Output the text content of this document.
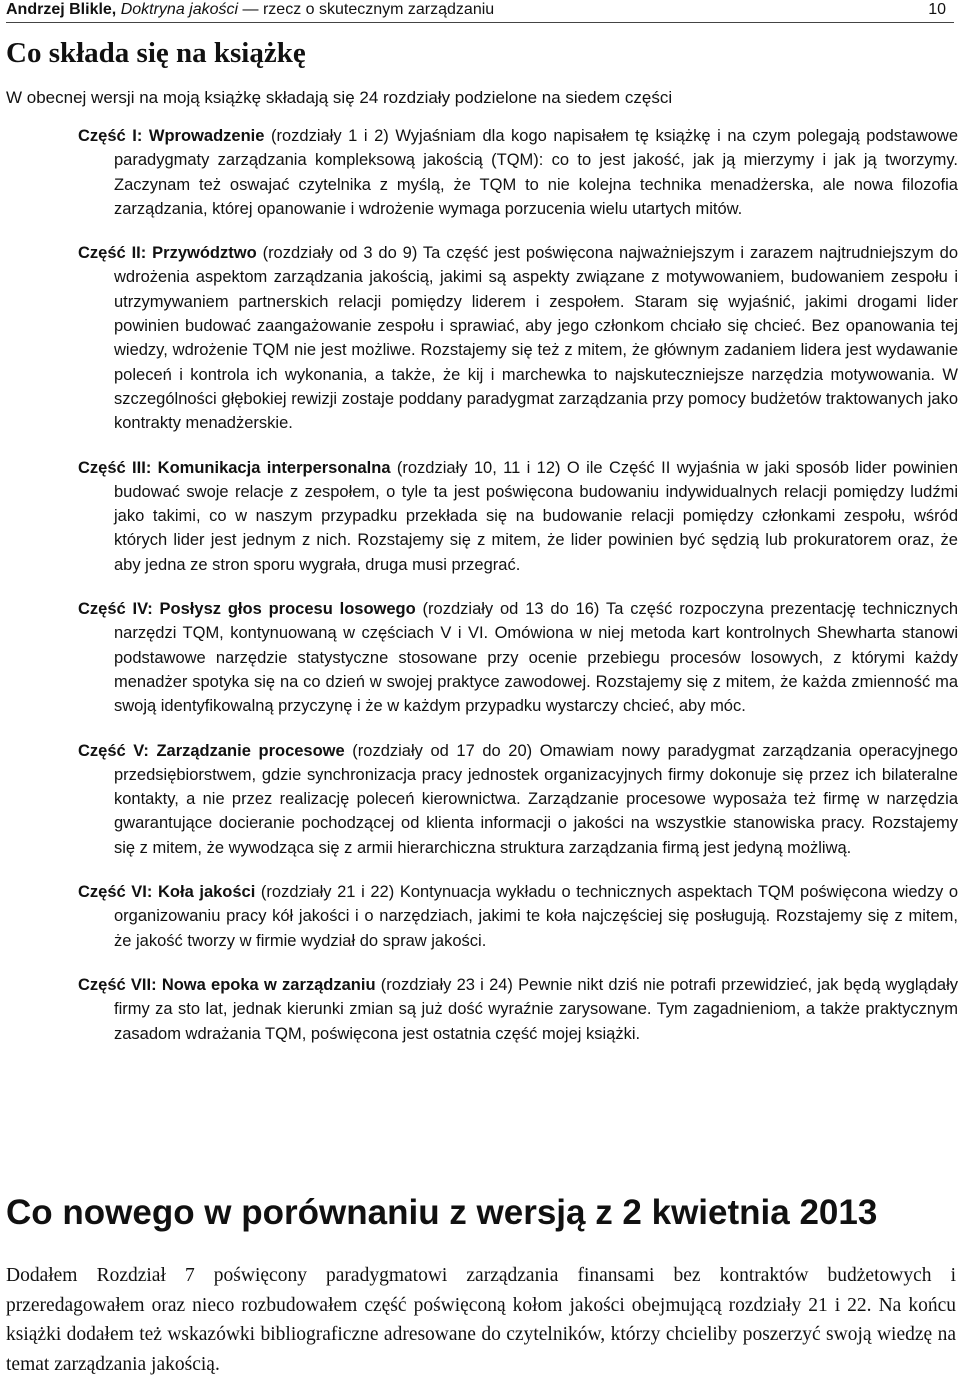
Andrzej Blikle, Doktryna jakości — rzecz o skutecznym zarządzaniu	10
Co składa się na książkę

W obecnej wersji na moją książkę składają się 24 rozdziały podzielone na siedem części

Część I: Wprowadzenie (rozdziały 1 i 2) Wyjaśniam dla kogo napisałem tę książkę i na czym polegają podstawowe paradygmaty zarządzania kompleksową jakością (TQM): co to jest jakość, jak ją mierzymy i jak ją tworzymy. Zaczynam też oswajać czytelnika z myślą, że TQM to nie kolejna technika menadżerska, ale nowa filozofia zarządzania, której opanowanie i wdrożenie wymaga porzucenia wielu utartych mitów.

Część II: Przywództwo (rozdziały od 3 do 9) Ta część jest poświęcona najważniejszym i zarazem najtrudniejszym do wdrożenia aspektom zarządzania jakością, jakimi są aspekty związane z motywowaniem, budowaniem zespołu i utrzymywaniem partnerskich relacji pomiędzy liderem i zespołem. Staram się wyjaśnić, jakimi drogami lider powinien budować zaangażowanie zespołu i sprawiać, aby jego członkom chciało się chcieć. Bez opanowania tej wiedzy, wdrożenie TQM nie jest możliwe. Rozstajemy się też z mitem, że głównym zadaniem lidera jest wydawanie poleceń i kontrola ich wykonania, a także, że kij i marchewka to najskuteczniejsze narzędzia motywowania. W szczególności głębokiej rewizji zostaje poddany paradygmat zarządzania przy pomocy budżetów traktowanych jako kontrakty menadżerskie.

Część III: Komunikacja interpersonalna (rozdziały 10, 11 i 12) O ile Część II wyjaśnia w jaki sposób lider powinien budować swoje relacje z zespołem, o tyle ta jest poświęcona budowaniu indywidualnych relacji pomiędzy ludźmi jako takimi, co w naszym przypadku przekłada się na budowanie relacji pomiędzy członkami zespołu, wśród których lider jest jednym z nich. Rozstajemy się z mitem, że lider powinien być sędzią lub prokuratorem oraz, że aby jedna ze stron sporu wygrała, druga musi przegrać.

Część IV: Posłysz głos procesu losowego (rozdziały od 13 do 16) Ta część rozpoczyna prezentację technicznych narzędzi TQM, kontynuowaną w częściach V i VI. Omówiona w niej metoda kart kontrolnych Shewharta stanowi podstawowe narzędzie statystyczne stosowane przy ocenie przebiegu procesów losowych, z którymi każdy menadżer spotyka się na co dzień w swojej praktyce zawodowej. Rozstajemy się z mitem, że każda zmienność ma swoją identyfikowalną przyczynę i że w każdym przypadku wystarczy chcieć, aby móc.

Część V: Zarządzanie procesowe (rozdziały od 17 do 20) Omawiam nowy paradygmat zarządzania operacyjnego przedsiębiorstwem, gdzie synchronizacja pracy jednostek organizacyjnych firmy dokonuje się przez ich bilateralne kontakty, a nie przez realizację poleceń kierownictwa. Zarządzanie procesowe wyposaża też firmę w narzędzia gwarantujące docieranie pochodzącej od klienta informacji o jakości na wszystkie stanowiska pracy. Rozstajemy się z mitem, że wywodząca się z armii hierarchiczna struktura zarządzania firmą jest jedyną możliwą.

Część VI: Koła jakości (rozdziały 21 i 22) Kontynuacja wykładu o technicznych aspektach TQM poświęcona wiedzy o organizowaniu pracy kół jakości i o narzędziach, jakimi te koła najczęściej się posługują. Rozstajemy się z mitem, że jakość tworzy w firmie wydział do spraw jakości.

Część VII: Nowa epoka w zarządzaniu (rozdziały 23 i 24) Pewnie nikt dziś nie potrafi przewidzieć, jak będą wyglądały firmy za sto lat, jednak kierunki zmian są już dość wyraźnie zarysowane. Tym zagadnieniom, a także praktycznym zasadom wdrażania TQM, poświęcona jest ostatnia część mojej książki.

Co nowego w porównaniu z wersją z 2 kwietnia 2013

Dodałem Rozdział 7 poświęcony paradygmatowi zarządzania finansami bez kontraktów budżetowych i przeredagowałem oraz nieco rozbudowałem część poświęconą kołom jakości obejmującą rozdziały 21 i 22. Na końcu książki dodałem też wskazówki bibliograficzne adresowane do czytelników, którzy chcieliby poszerzyć swoją wiedzę na temat zarządzania jakością.
